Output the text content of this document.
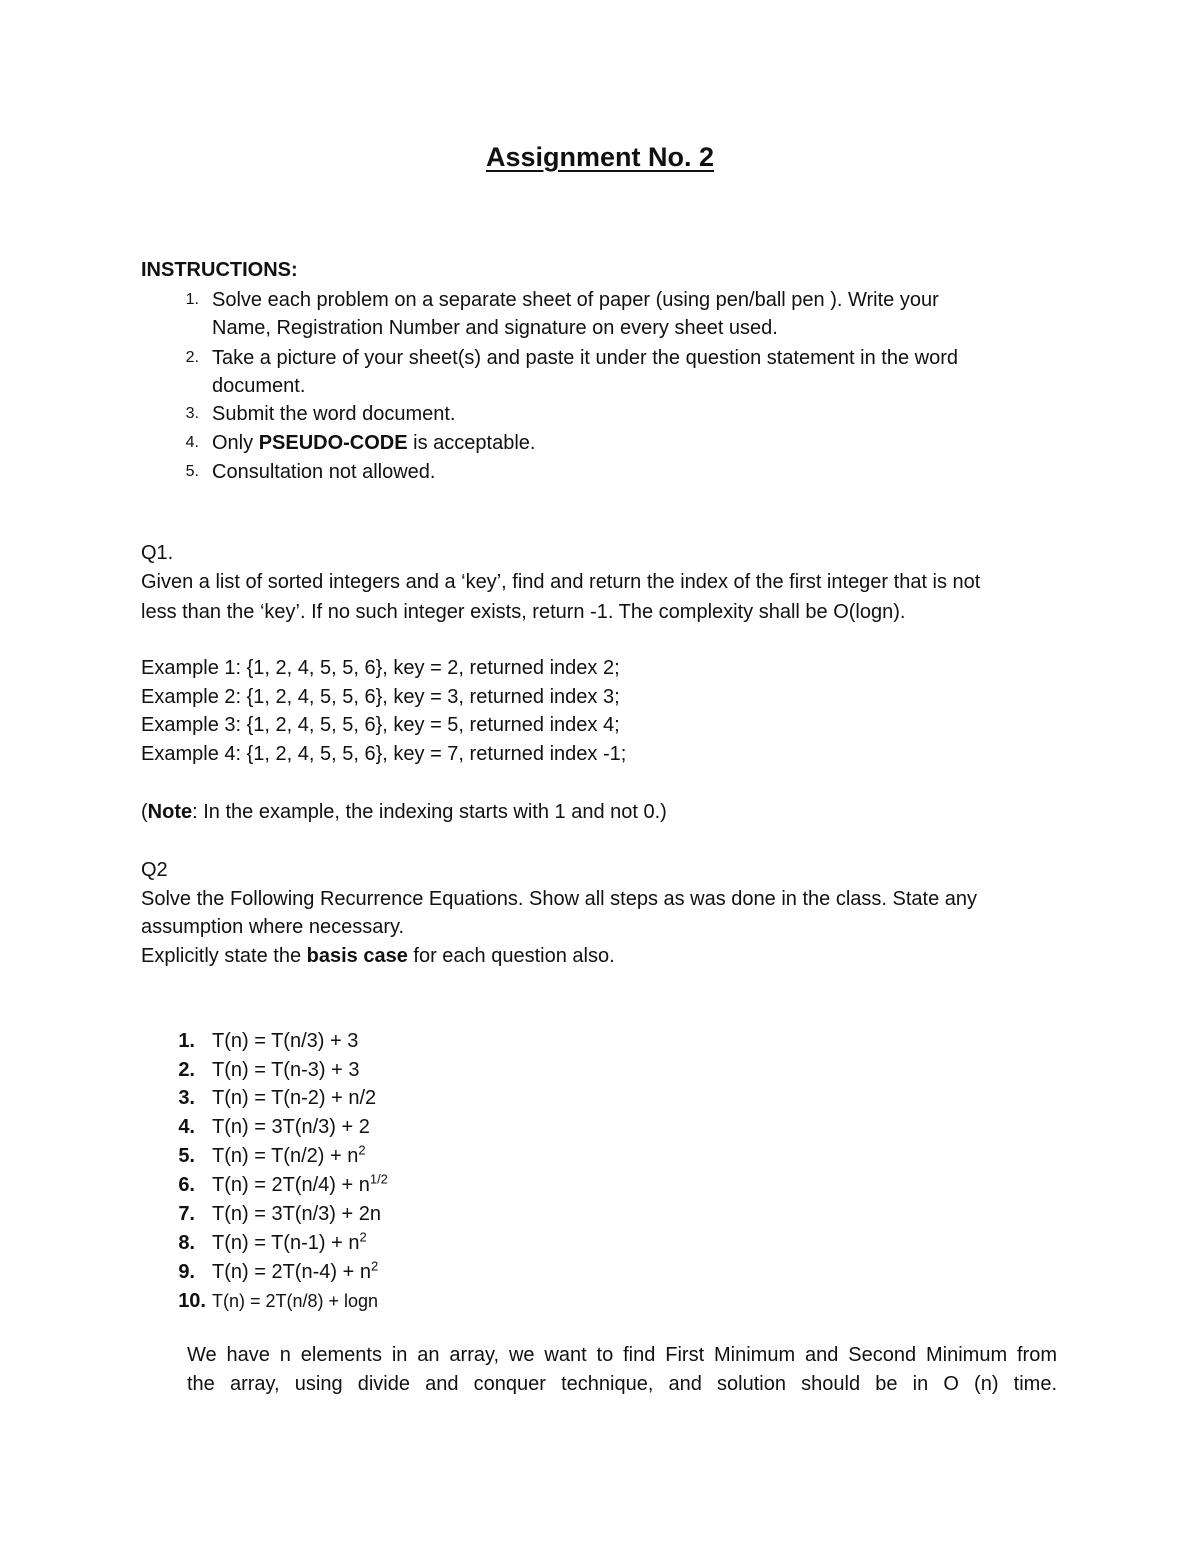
Assignment No. 2
INSTRUCTIONS:
1. Solve each problem on a separate sheet of paper (using pen/ball pen ). Write your
Name, Registration Number and signature on every sheet used.
2. Take a picture of your sheet(s) and paste it under the question statement in the word
document.
3. Submit the word document.
4. Only PSEUDO-CODE is acceptable.
5. Consultation not allowed.
Q1.
Given a list of sorted integers and a ‘key’, find and return the index of the first integer that is not
less than the ‘key’. If no such integer exists, return -1. The complexity shall be O(logn).
Example 1: {1, 2, 4, 5, 5, 6}, key = 2, returned index 2;
Example 2: {1, 2, 4, 5, 5, 6}, key = 3, returned index 3;
Example 3: {1, 2, 4, 5, 5, 6}, key = 5, returned index 4;
Example 4: {1, 2, 4, 5, 5, 6}, key = 7, returned index -1;
(Note: In the example, the indexing starts with 1 and not 0.)
Q2
Solve the Following Recurrence Equations. Show all steps as was done in the class. State any
assumption where necessary.
Explicitly state the basis case for each question also.
1. T(n) = T(n/3) + 3
2. T(n) = T(n-3) + 3
3. T(n) = T(n-2) + n/2
4. T(n) = 3T(n/3) + 2
5. $T(n) = T(n/2) + n^2$
6. $T(n) = 2T(n/4) + n^{1/2}$
7. T(n) = 3T(n/3) + 2n
8. $T(n) = T(n-1) + n^2$
9. $T(n) = 2T(n-4) + n^2$
10. T(n) = 2T(n/8) + logn
We have n elements in an array, we want to find First Minimum and Second Minimum from
the array, using divide and conquer technique, and solution should be in O (n) time.
